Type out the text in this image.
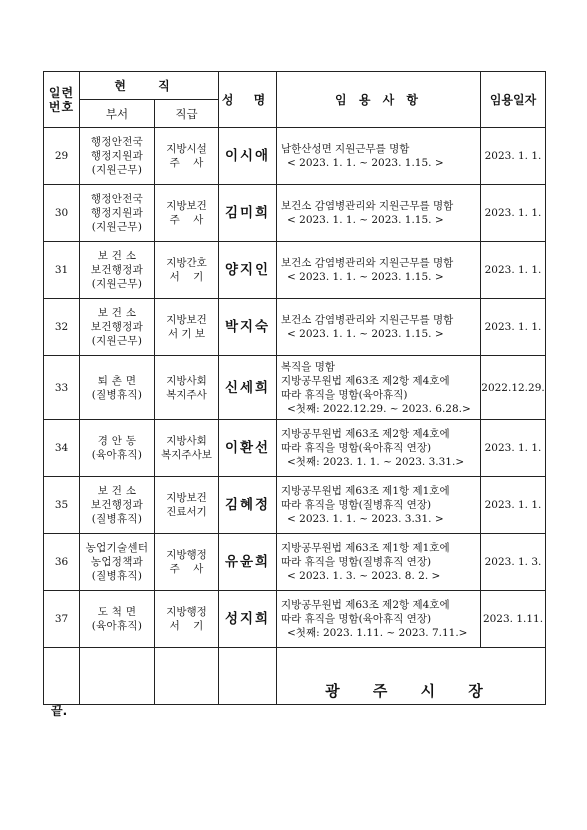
일련
번호	현 직		성 명	임 용 사 항	임용일자
	부서	직급			
29	행정안전국
행정지원과
(지원근무)	지방시설
주    사	이시애	남한산성면 지원근무를 명함
< 2023. 1. 1. ~ 2023. 1.15. >	2023. 1. 1.
30	행정안전국
행정지원과
(지원근무)	지방보건
주    사	김미희	보건소 감염병관리와 지원근무를 명함
< 2023. 1. 1. ~ 2023. 1.15. >	2023. 1. 1.
31	보 건 소
보건행정과
(지원근무)	지방간호
서    기	양지인	보건소 감염병관리와 지원근무를 명함
< 2023. 1. 1. ~ 2023. 1.15. >	2023. 1. 1.
32	보 건 소
보건행정과
(지원근무)	지방보건
서 기 보	박지숙	보건소 감염병관리와 지원근무를 명함
< 2023. 1. 1. ~ 2023. 1.15. >	2023. 1. 1.
33	퇴 촌 면
(질병휴직)	지방사회
복지주사	신세희	복직을 명함
지방공무원법 제63조 제2항 제4호에
따라 휴직을 명함(육아휴직)
<첫째: 2022.12.29. ~ 2023. 6.28.>	2022.12.29.
34	경 안 동
(육아휴직)	지방사회
복지주사보	이환선	지방공무원법 제63조 제2항 제4호에
따라 휴직을 명함(육아휴직 연장)
<첫째: 2023. 1. 1. ~ 2023. 3.31.>	2023. 1. 1.
35	보 건 소
보건행정과
(질병휴직)	지방보건
진료서기	김혜정	지방공무원법 제63조 제1항 제1호에
따라 휴직을 명함(질병휴직 연장)
< 2023. 1. 1. ~ 2023. 3.31. >	2023. 1. 1.
36	농업기술센터
농업정책과
(질병휴직)	지방행정
주    사	유윤희	지방공무원법 제63조 제1항 제1호에
따라 휴직을 명함(질병휴직 연장)
< 2023. 1. 3. ~ 2023. 8. 2. >	2023. 1. 3.
37	도 척 면
(육아휴직)	지방행정
서    기	성지희	지방공무원법 제63조 제2항 제4호에
따라 휴직을 명함(육아휴직 연장)
<첫째: 2023. 1.11. ~ 2023. 7.11.>	2023. 1.11.
				광 주 시 장	
끝.
